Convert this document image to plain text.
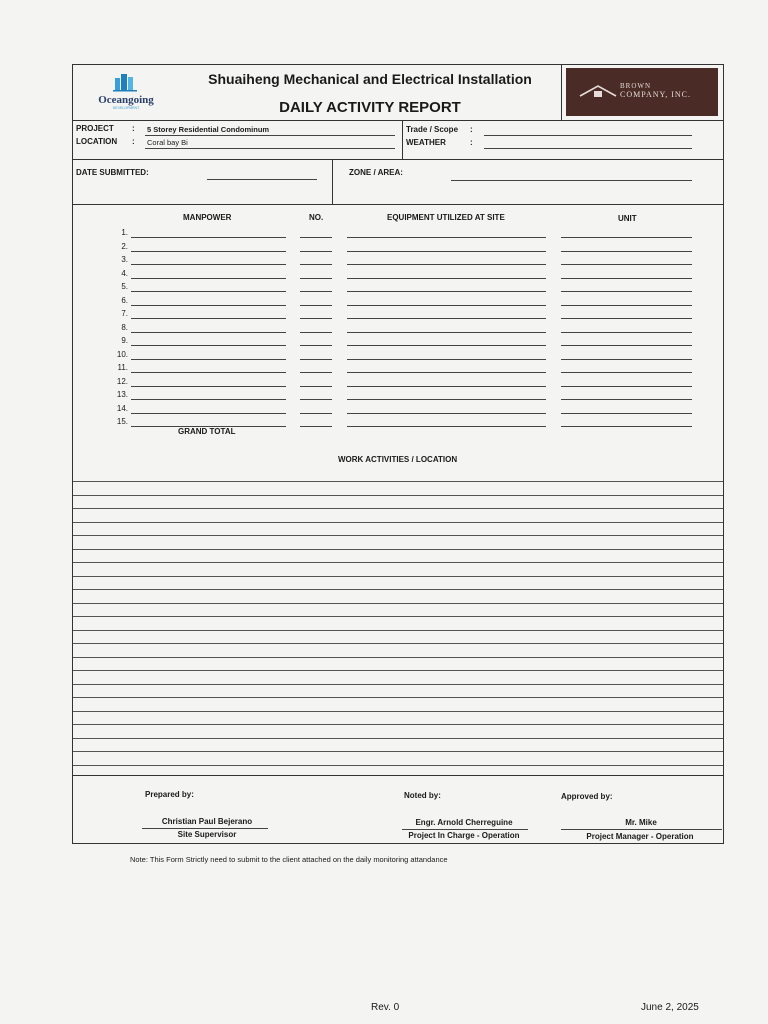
Oceangoing
DEVELOPMENT
Shuaiheng Mechanical and Electrical Installation
DAILY ACTIVITY REPORT
BROWN
COMPANY, INC.
PROJECT : 5 Storey Residential Condominum
LOCATION : Coral bay Bi
Trade / Scope :
WEATHER	:
DATE SUBMITTED:	ZONE / AREA:
MANPOWER	NO.	EQUIPMENT UTILIZED AT SITE	UNIT
1.
2.
3.
4.
5.
6.
7.
8.
9.
10.
11.
12.
13.
14.
15.
GRAND TOTAL
WORK ACTIVITIES / LOCATION
Prepared by:
Christian Paul Bejerano
Site Supervisor
Noted by:
Engr. Arnold Cherreguine
Project In Charge - Operation
Approved by:
Mr. Mike
Project Manager - Operation
Note: This Form Strictly need to submit to the client attached on the daily monitoring attandance
Rev. 0	June 2, 2025
